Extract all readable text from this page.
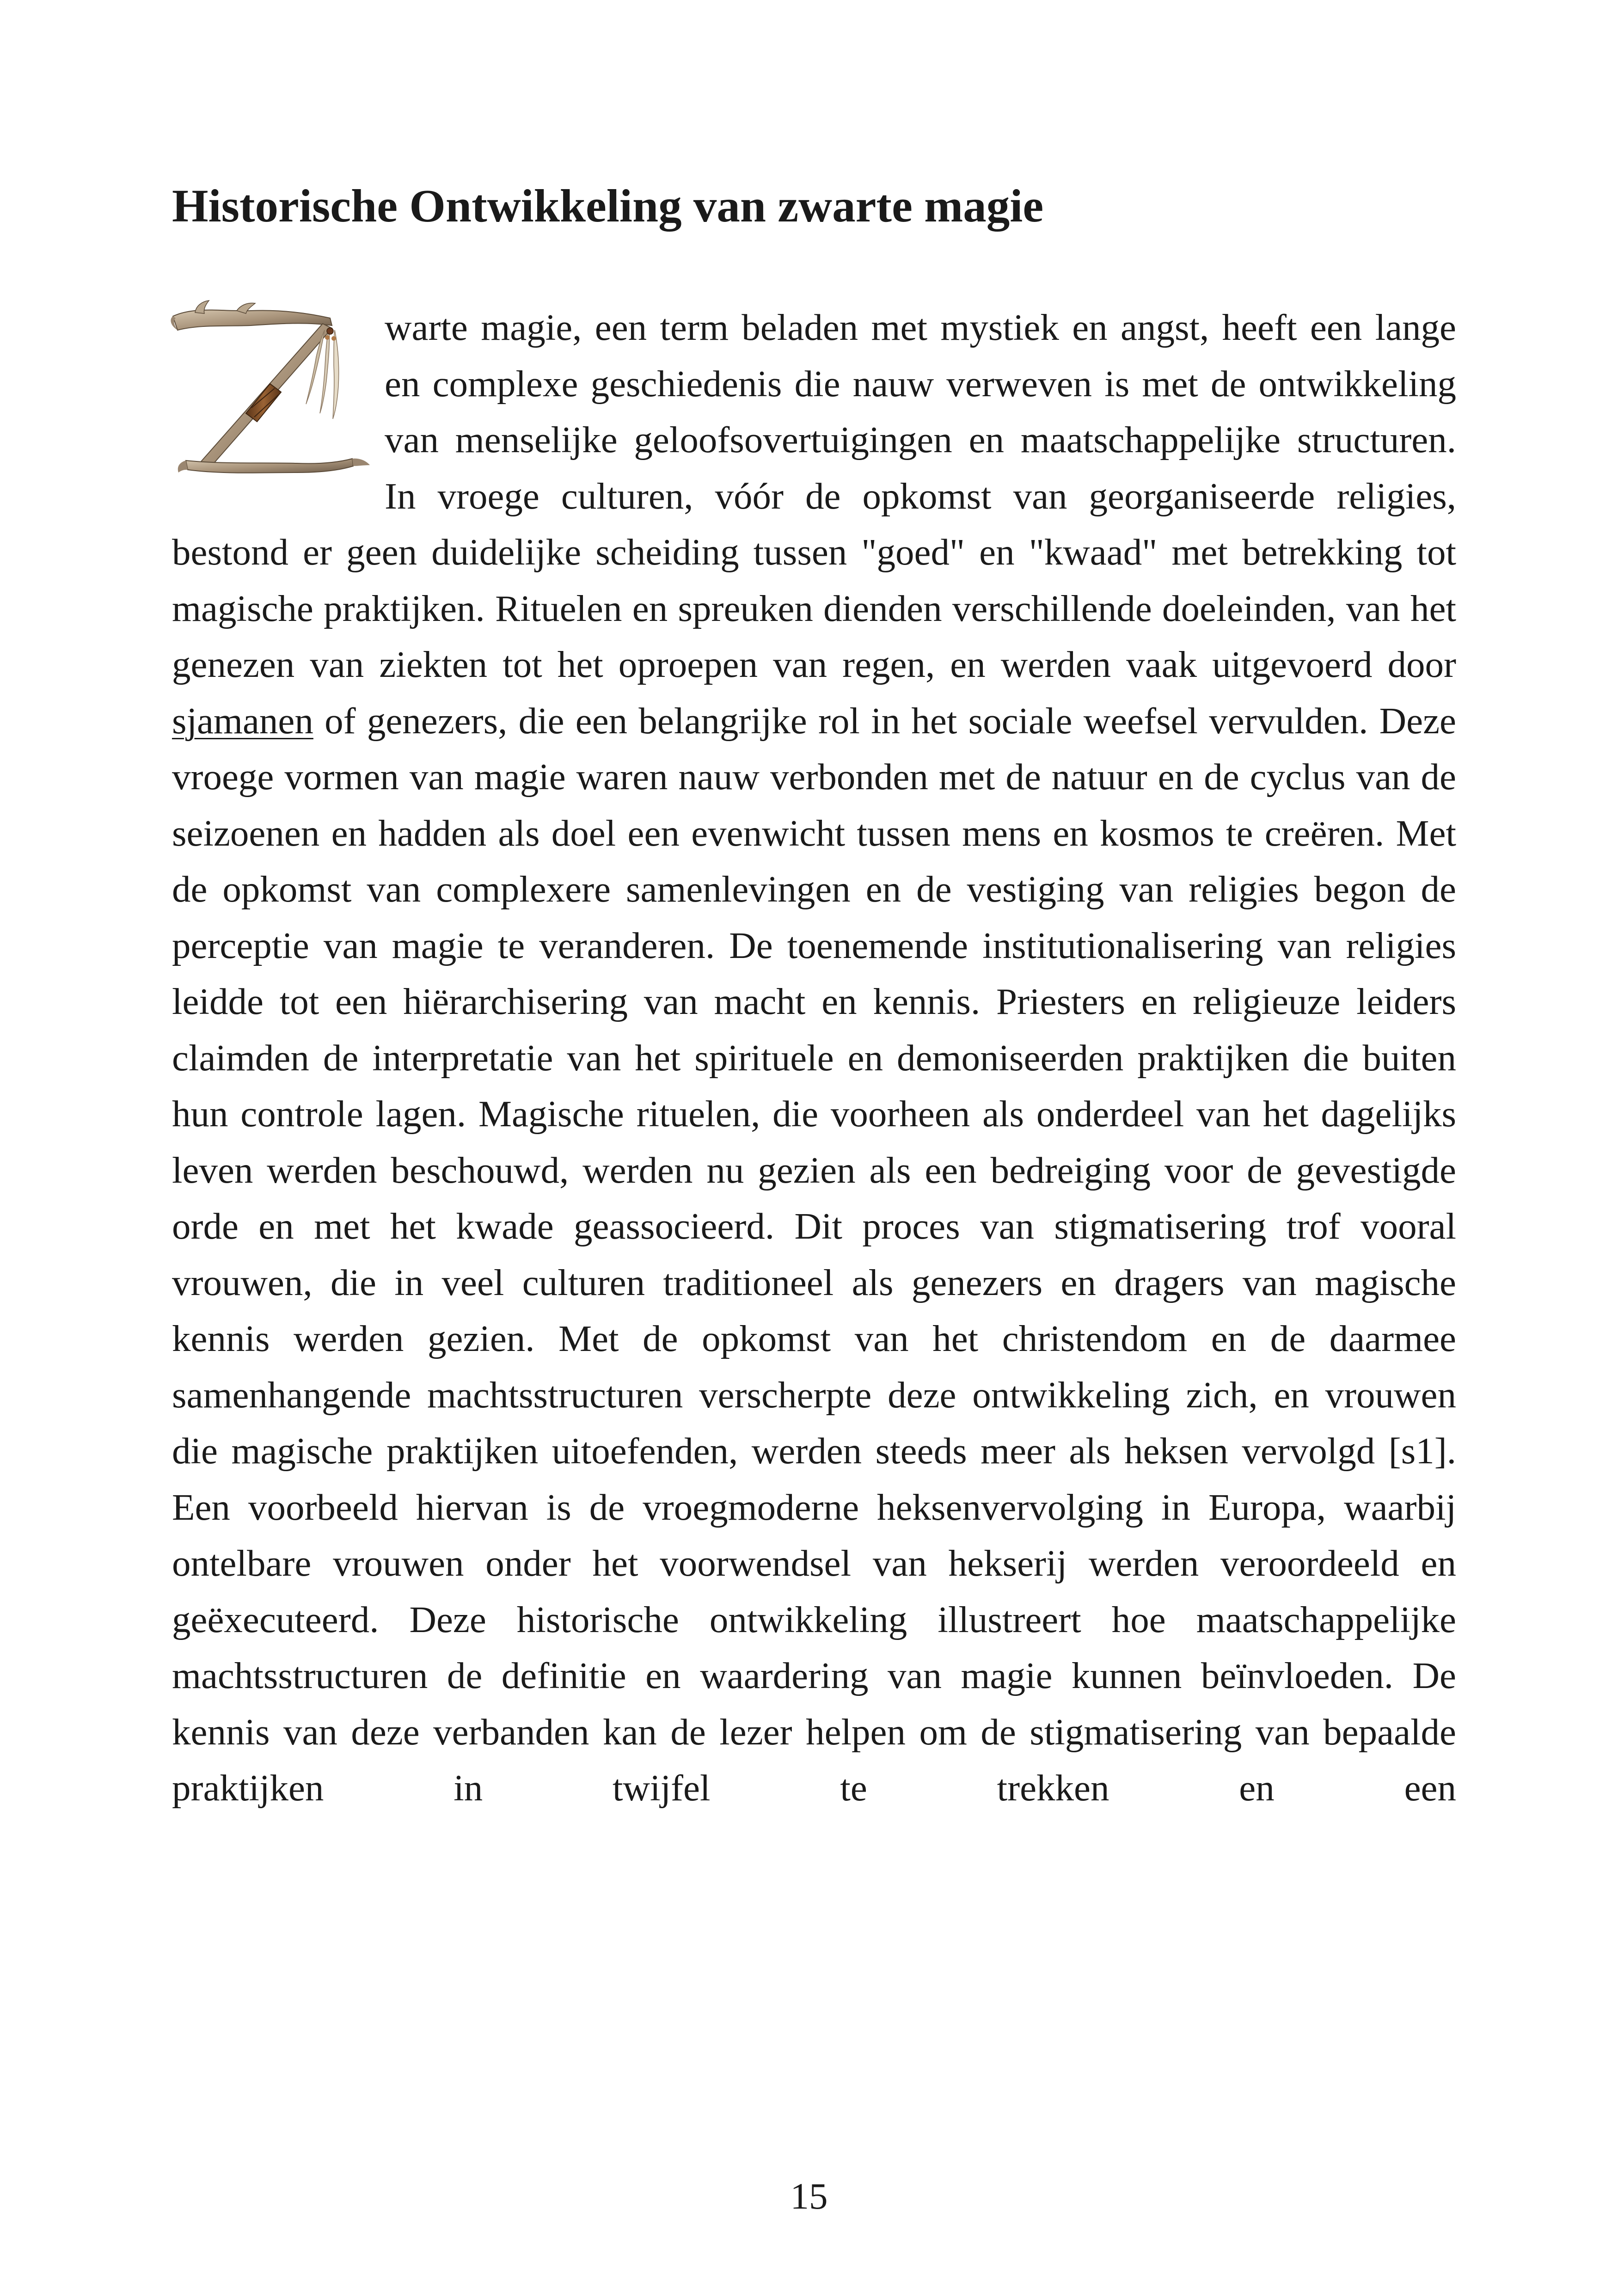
Historische Ontwikkeling van zwarte magie

warte magie, een term beladen met mystiek en angst, heeft een lange en complexe geschiedenis die nauw verweven is met de ontwikkeling van menselijke geloofsovertuigingen en maatschappelijke structuren. In vroege culturen, vóór de opkomst van georganiseerde religies, bestond er geen duidelijke scheiding tussen "goed" en "kwaad" met betrekking tot magische praktijken. Rituelen en spreuken dienden verschillende doeleinden, van het genezen van ziekten tot het oproepen van regen, en werden vaak uitgevoerd door sjamanen of genezers, die een belangrijke rol in het sociale weefsel vervulden. Deze vroege vormen van magie waren nauw verbonden met de natuur en de cyclus van de seizoenen en hadden als doel een evenwicht tussen mens en kosmos te creëren. Met de opkomst van complexere samenlevingen en de vestiging van religies begon de perceptie van magie te veranderen. De toenemende institutionalisering van religies leidde tot een hiërarchisering van macht en kennis. Priesters en religieuze leiders claimden de interpretatie van het spirituele en demoniseerden praktijken die buiten hun controle lagen. Magische rituelen, die voorheen als onderdeel van het dagelijks leven werden beschouwd, werden nu gezien als een bedreiging voor de gevestigde orde en met het kwade geassocieerd. Dit proces van stigmatisering trof vooral vrouwen, die in veel culturen traditioneel als genezers en dragers van magische kennis werden gezien. Met de opkomst van het christendom en de daarmee samenhangende machtsstructuren verscherpte deze ontwikkeling zich, en vrouwen die magische praktijken uitoefenden, werden steeds meer als heksen vervolgd [s1]. Een voorbeeld hiervan is de vroegmoderne heksenvervolging in Europa, waarbij ontelbare vrouwen onder het voorwendsel van hekserij werden veroordeeld en geëxecuteerd. Deze historische ontwikkeling illustreert hoe maatschappelijke machtsstructuren de definitie en waardering van magie kunnen beïnvloeden. De kennis van deze verbanden kan de lezer helpen om de stigmatisering van bepaalde praktijken in twijfel te trekken en een

15
